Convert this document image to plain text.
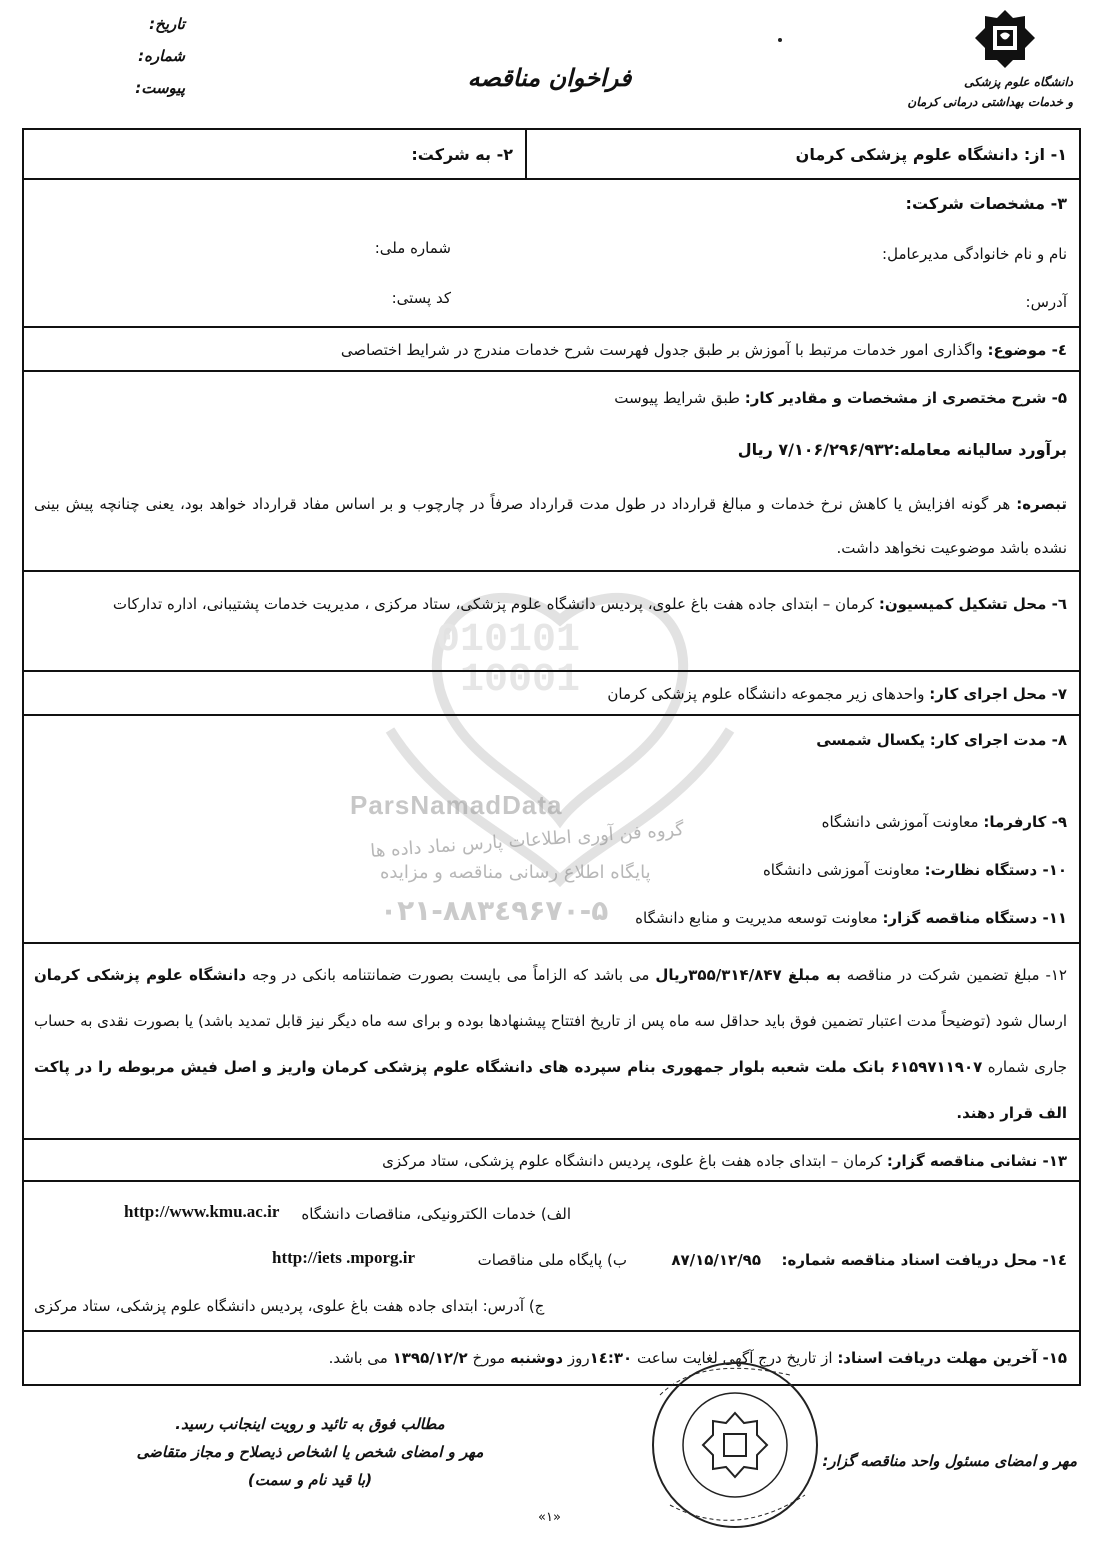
تاریخ:
شماره:
پیوست:	فراخوان مناقصه	دانشگاه علوم پزشکی
و خدمات بهداشتی درمانی کرمان
010101
10001
ParsNamadData
گروه فن آوری اطلاعات پارس نماد داده ها
پایگاه اطلاع رسانی مناقصه و مزایده
۰۲۱-۸۸۳٤۹۶۷۰-۵
۱- از: دانشگاه علوم پزشکی کرمان
۲- به شرکت:
۳- مشخصات شرکت:
نام و نام خانوادگی مدیرعامل:
شماره ملی:
آدرس:
کد پستی:
٤- موضوع: واگذاری امور خدمات مرتبط با آموزش بر طبق جدول فهرست شرح خدمات مندرج در شرایط اختصاصی
۵- شرح مختصری از مشخصات و مقادیر کار: طبق شرایط پیوست
برآورد سالیانه معامله:۷/۱۰۶/۲۹۶/۹۳۲ ریال
تبصره: هر گونه افزایش یا کاهش نرخ خدمات و مبالغ قرارداد در طول مدت قرارداد صرفاً در چارچوب و بر اساس مفاد قرارداد خواهد بود، یعنی چنانچه پیش بینی نشده باشد موضوعیت نخواهد داشت.
٦- محل تشکیل کمیسیون: کرمان – ابتدای جاده هفت باغ علوی، پردیس دانشگاه علوم پزشکی، ستاد مرکزی ، مدیریت خدمات پشتیبانی، اداره تدارکات
۷- محل اجرای کار: واحدهای زیر مجموعه دانشگاه علوم پزشکی کرمان
۸- مدت اجرای کار: یکسال شمسی
۹- کارفرما: معاونت آموزشی دانشگاه
۱۰- دستگاه نظارت: معاونت آموزشی دانشگاه
۱۱- دستگاه مناقصه گزار: معاونت توسعه مدیریت و منابع دانشگاه
۱۲- مبلغ تضمین شرکت در مناقصه به مبلغ ۳۵۵/۳۱۴/۸۴۷ریال می باشد که الزاماً می بایست بصورت ضمانتنامه بانکی در وجه دانشگاه علوم پزشکی کرمان ارسال شود (توضیحاً مدت اعتبار تضمین فوق باید حداقل سه ماه پس از تاریخ افتتاح پیشنهادها بوده و برای سه ماه دیگر نیز قابل تمدید باشد) یا بصورت نقدی به حساب جاری شماره ۶۱۵۹۷۱۱۹۰۷ بانک ملت شعبه بلوار جمهوری بنام سپرده های دانشگاه علوم پزشکی کرمان واریز و اصل فیش مربوطه را در پاکت الف قرار دهند.
۱۳- نشانی مناقصه گزار: کرمان – ابتدای جاده هفت باغ علوی، پردیس دانشگاه علوم پزشکی، ستاد مرکزی
الف) خدمات الکترونیکی، مناقصات دانشگاه
http://www.kmu.ac.ir
۱٤- محل دریافت اسناد مناقصه شماره:
۸۷/۱۵/۱۲/۹۵
ب) پایگاه ملی مناقصات
http://iets .mporg.ir
ج) آدرس: ابتدای جاده هفت باغ علوی، پردیس دانشگاه علوم پزشکی، ستاد مرکزی
۱۵- آخرین مهلت دریافت اسناد: از تاریخ درج آگهی لغایت ساعت ۱٤:۳۰روز دوشنبه مورخ ۱۳۹۵/۱۲/۲ می باشد.
مهر و امضای مسئول واحد مناقصه گزار:
مطالب فوق به تائید و رویت اینجانب رسید.
مهر و امضای شخص یا اشخاص ذیصلاح و مجاز متقاضی
(با قید نام و سمت)
«۱»
